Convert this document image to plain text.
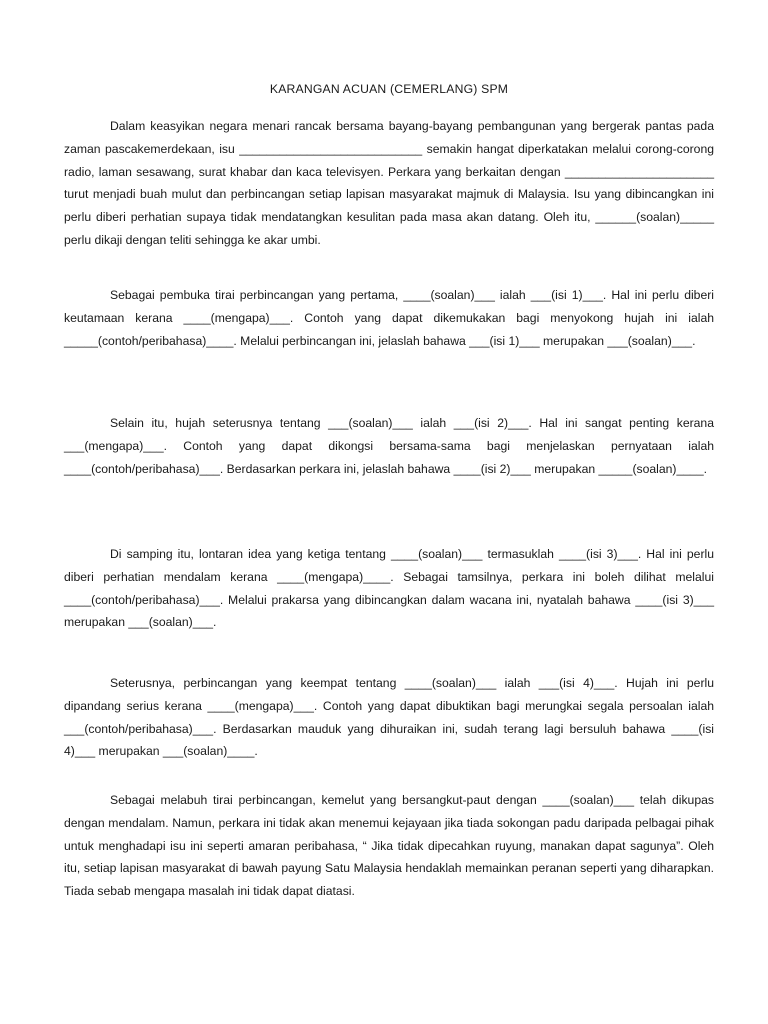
KARANGAN ACUAN (CEMERLANG) SPM

Dalam keasyikan negara menari rancak bersama bayang-bayang pembangunan yang bergerak pantas pada zaman pascakemerdekaan, isu ___________________________ semakin hangat diperkatakan melalui corong-corong radio, laman sesawang, surat khabar dan kaca televisyen. Perkara yang berkaitan dengan ______________________ turut menjadi buah mulut dan perbincangan setiap lapisan masyarakat majmuk di Malaysia. Isu yang dibincangkan ini perlu diberi perhatian supaya tidak mendatangkan kesulitan pada masa akan datang. Oleh itu, ______(soalan)_____ perlu dikaji dengan teliti sehingga ke akar umbi.

Sebagai pembuka tirai perbincangan yang pertama, ____(soalan)___ ialah ___(isi 1)___. Hal ini perlu diberi keutamaan kerana ____(mengapa)___. Contoh yang dapat dikemukakan bagi menyokong hujah ini ialah _____(contoh/peribahasa)____. Melalui perbincangan ini, jelaslah bahawa ___(isi 1)___ merupakan ___(soalan)___.

Selain itu, hujah seterusnya tentang ___(soalan)___ ialah ___(isi 2)___. Hal ini sangat penting kerana ___(mengapa)___. Contoh yang dapat dikongsi bersama-sama bagi menjelaskan pernyataan ialah ____(contoh/peribahasa)___. Berdasarkan perkara ini, jelaslah bahawa ____(isi 2)___ merupakan _____(soalan)____.

Di samping itu, lontaran idea yang ketiga tentang ____(soalan)___ termasuklah ____(isi 3)___. Hal ini perlu diberi perhatian mendalam kerana ____(mengapa)____. Sebagai tamsilnya, perkara ini boleh dilihat melalui ____(contoh/peribahasa)___. Melalui prakarsa yang dibincangkan dalam wacana ini, nyatalah bahawa ____(isi 3)___ merupakan ___(soalan)___.

Seterusnya, perbincangan yang keempat tentang ____(soalan)___ ialah ___(isi 4)___. Hujah ini perlu dipandang serius kerana ____(mengapa)___. Contoh yang dapat dibuktikan bagi merungkai segala persoalan ialah ___(contoh/peribahasa)___. Berdasarkan mauduk yang dihuraikan ini, sudah terang lagi bersuluh bahawa ____(isi 4)___ merupakan ___(soalan)____.

Sebagai melabuh tirai perbincangan, kemelut yang bersangkut-paut dengan ____(soalan)___ telah dikupas dengan mendalam. Namun, perkara ini tidak akan menemui kejayaan jika tiada sokongan padu daripada pelbagai pihak untuk menghadapi isu ini seperti amaran peribahasa, “ Jika tidak dipecahkan ruyung, manakan dapat sagunya”. Oleh itu, setiap lapisan masyarakat di bawah payung Satu Malaysia hendaklah memainkan peranan seperti yang diharapkan. Tiada sebab mengapa masalah ini tidak dapat diatasi.
